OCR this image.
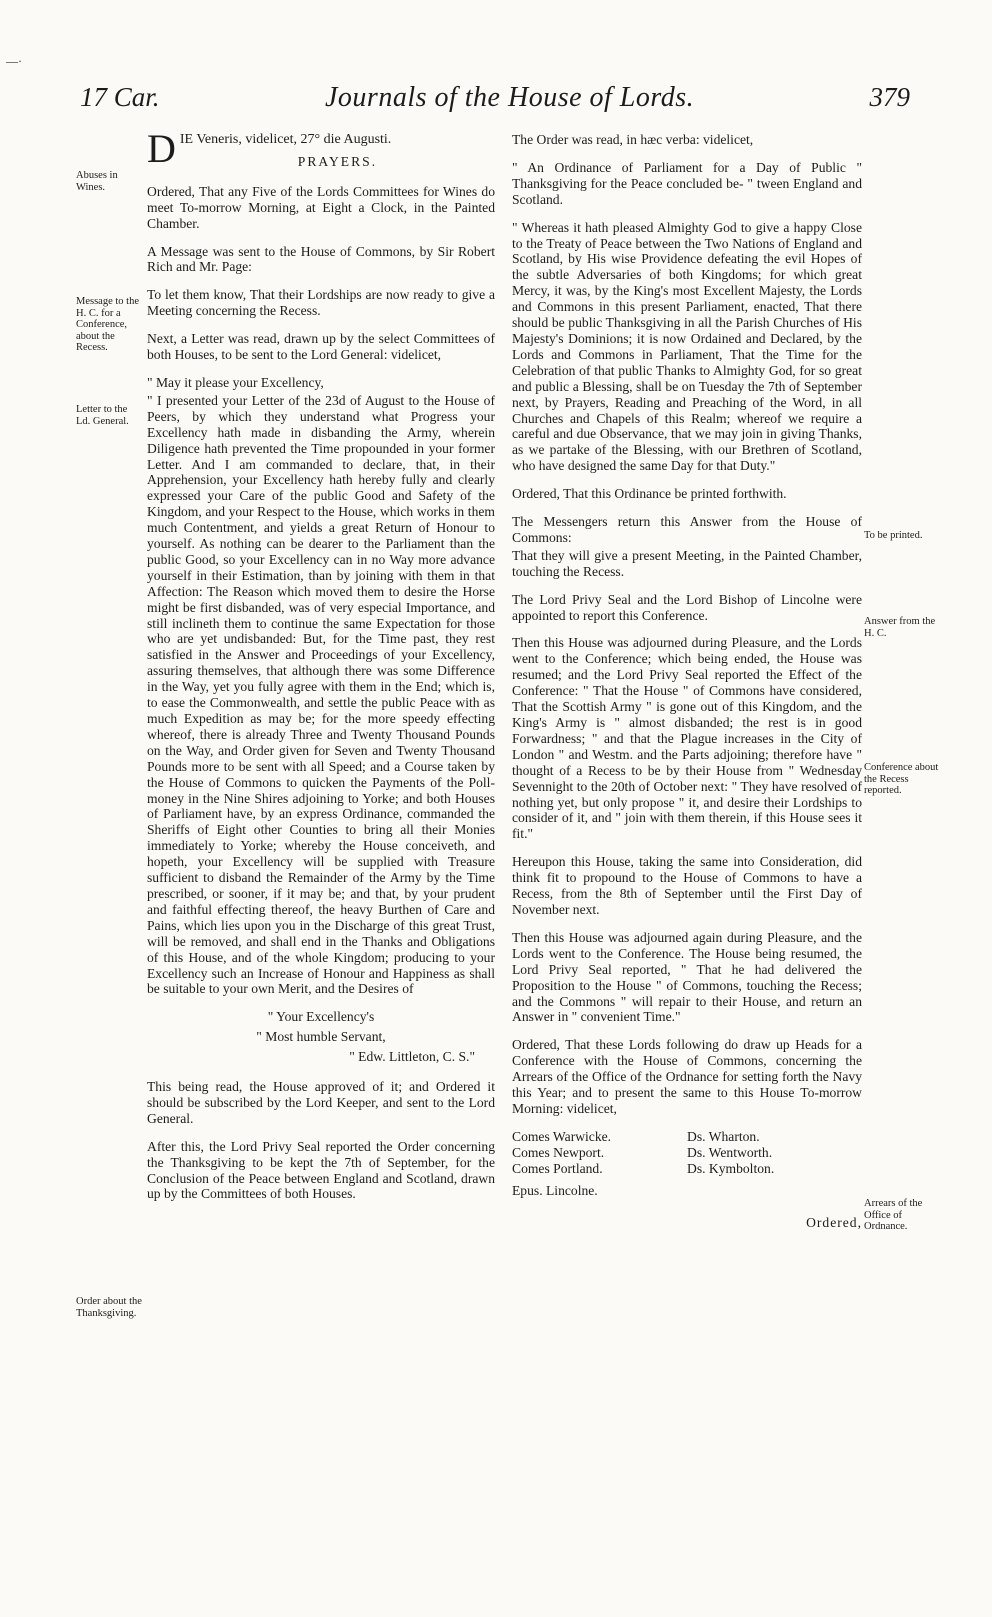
—·
17 Car.	Journals of the House of Lords.	379
Abuses in Wines.
Message to the H. C. for a Conference, about the Recess.
Letter to the Ld. General.
Order about the Thanksgiving.

DIE Veneris, videlicet, 27° die Augusti.

PRAYERS.

Ordered, That any Five of the Lords Committees for Wines do meet To-morrow Morning, at Eight a Clock, in the Painted Chamber.

A Message was sent to the House of Commons, by Sir Robert Rich and Mr. Page:

To let them know, That their Lordships are now ready to give a Meeting concerning the Recess.

Next, a Letter was read, drawn up by the select Committees of both Houses, to be sent to the Lord General: videlicet,

" May it please your Excellency,

" I presented your Letter of the 23d of August to the House of Peers, by which they understand what Progress your Excellency hath made in disbanding the Army, wherein Diligence hath prevented the Time propounded in your former Letter. And I am commanded to declare, that, in their Apprehension, your Excellency hath hereby fully and clearly expressed your Care of the public Good and Safety of the Kingdom, and your Respect to the House, which works in them much Contentment, and yields a great Return of Honour to yourself. As nothing can be dearer to the Parliament than the public Good, so your Excellency can in no Way more advance yourself in their Estimation, than by joining with them in that Affection: The Reason which moved them to desire the Horse might be first disbanded, was of very especial Importance, and still inclineth them to continue the same Expectation for those who are yet undisbanded: But, for the Time past, they rest satisfied in the Answer and Proceedings of your Excellency, assuring themselves, that although there was some Difference in the Way, yet you fully agree with them in the End; which is, to ease the Commonwealth, and settle the public Peace with as much Expedition as may be; for the more speedy effecting whereof, there is already Three and Twenty Thousand Pounds on the Way, and Order given for Seven and Twenty Thousand Pounds more to be sent with all Speed; and a Course taken by the House of Commons to quicken the Payments of the Poll-money in the Nine Shires adjoining to Yorke; and both Houses of Parliament have, by an express Ordinance, commanded the Sheriffs of Eight other Counties to bring all their Monies immediately to Yorke; whereby the House conceiveth, and hopeth, your Excellency will be supplied with Treasure sufficient to disband the Remainder of the Army by the Time prescribed, or sooner, if it may be; and that, by your prudent and faithful effecting thereof, the heavy Burthen of Care and Pains, which lies upon you in the Discharge of this great Trust, will be removed, and shall end in the Thanks and Obligations of this House, and of the whole Kingdom; producing to your Excellency such an Increase of Honour and Happiness as shall be suitable to your own Merit, and the Desires of

" Your Excellency's

" Most humble Servant,

" Edw. Littleton, C. S."

This being read, the House approved of it; and Ordered it should be subscribed by the Lord Keeper, and sent to the Lord General.

After this, the Lord Privy Seal reported the Order concerning the Thanksgiving to be kept the 7th of September, for the Conclusion of the Peace between England and Scotland, drawn up by the Committees of both Houses.

The Order was read, in hæc verba: videlicet,

" An Ordinance of Parliament for a Day of Public " Thanksgiving for the Peace concluded be- " tween England and Scotland.

" Whereas it hath pleased Almighty God to give a happy Close to the Treaty of Peace between the Two Nations of England and Scotland, by His wise Providence defeating the evil Hopes of the subtle Adversaries of both Kingdoms; for which great Mercy, it was, by the King's most Excellent Majesty, the Lords and Commons in this present Parliament, enacted, That there should be public Thanksgiving in all the Parish Churches of His Majesty's Dominions; it is now Ordained and Declared, by the Lords and Commons in Parliament, That the Time for the Celebration of that public Thanks to Almighty God, for so great and public a Blessing, shall be on Tuesday the 7th of September next, by Prayers, Reading and Preaching of the Word, in all Churches and Chapels of this Realm; whereof we require a careful and due Observance, that we may join in giving Thanks, as we partake of the Blessing, with our Brethren of Scotland, who have designed the same Day for that Duty."

Ordered, That this Ordinance be printed forthwith.

The Messengers return this Answer from the House of Commons:

That they will give a present Meeting, in the Painted Chamber, touching the Recess.

The Lord Privy Seal and the Lord Bishop of Lincolne were appointed to report this Conference.

Then this House was adjourned during Pleasure, and the Lords went to the Conference; which being ended, the House was resumed; and the Lord Privy Seal reported the Effect of the Conference: " That the House " of Commons have considered, That the Scottish Army " is gone out of this Kingdom, and the King's Army is " almost disbanded; the rest is in good Forwardness; " and that the Plague increases in the City of London " and Westm. and the Parts adjoining; therefore have " thought of a Recess to be by their House from " Wednesday Sevennight to the 20th of October next: " They have resolved of nothing yet, but only propose " it, and desire their Lordships to consider of it, and " join with them therein, if this House sees it fit."

Hereupon this House, taking the same into Consideration, did think fit to propound to the House of Commons to have a Recess, from the 8th of September until the First Day of November next.

Then this House was adjourned again during Pleasure, and the Lords went to the Conference. The House being resumed, the Lord Privy Seal reported, " That he had delivered the Proposition to the House " of Commons, touching the Recess; and the Commons " will repair to their House, and return an Answer in " convenient Time."

Ordered, That these Lords following do draw up Heads for a Conference with the House of Commons, concerning the Arrears of the Office of the Ordnance for setting forth the Navy this Year; and to present the same to this House To-morrow Morning: videlicet,

Comes Warwicke.	Ds. Wharton.
Comes Newport.	Ds. Wentworth.
Comes Portland.	Ds. Kymbolton.
Epus. Lincolne.
Ordered,
To be printed.
Answer from the H. C.
Conference about the Recess reported.
Arrears of the Office of Ordnance.
